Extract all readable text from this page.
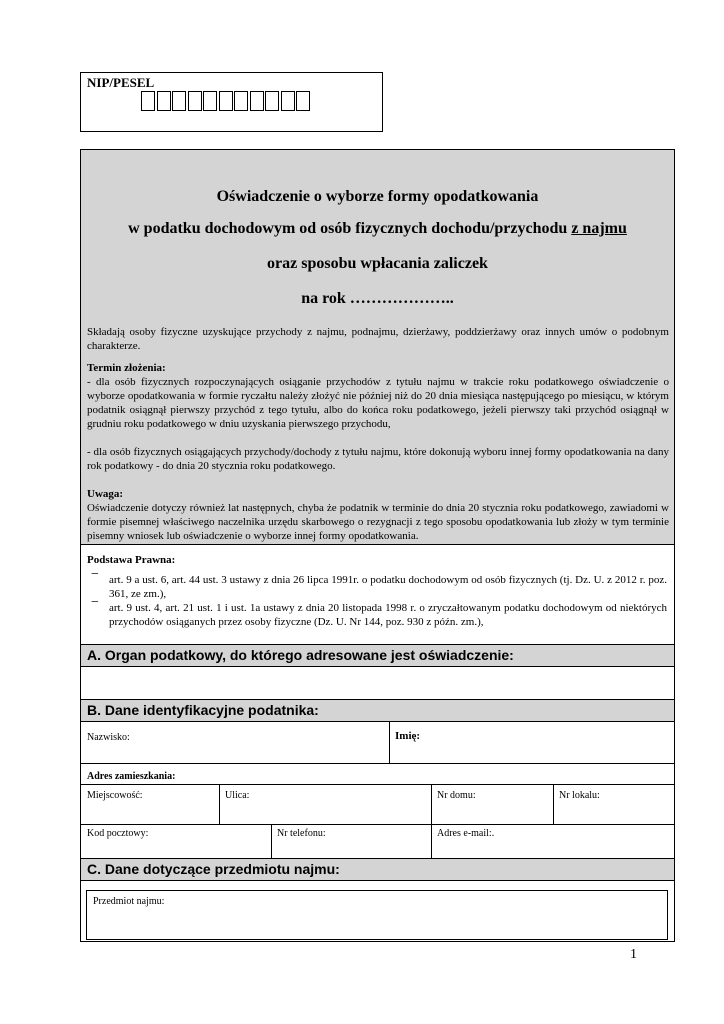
NIP/PESEL
Oświadczenie o wyborze formy opodatkowania
w podatku dochodowym od osób fizycznych dochodu/przychodu z najmu
oraz sposobu wpłacania zaliczek
na rok ………………..
Składają osoby fizyczne uzyskujące przychody z najmu, podnajmu, dzierżawy, poddzierżawy oraz innych umów o podobnym charakterze.
Termin złożenia:
- dla osób fizycznych rozpoczynających osiąganie przychodów z tytułu najmu w trakcie roku podatkowego oświadczenie o wyborze opodatkowania w formie ryczałtu należy złożyć nie później niż do 20 dnia miesiąca następującego po miesiącu, w którym podatnik osiągnął pierwszy przychód z tego tytułu, albo do końca roku podatkowego, jeżeli pierwszy taki przychód osiągnął w grudniu roku podatkowego w dniu uzyskania pierwszego przychodu,
- dla osób fizycznych osiągających przychody/dochody z tytułu najmu, które dokonują wyboru innej formy opodatkowania na dany rok podatkowy - do dnia 20 stycznia roku podatkowego.
Uwaga:
Oświadczenie dotyczy również lat następnych, chyba że podatnik w terminie do dnia 20 stycznia roku podatkowego, zawiadomi w formie pisemnej właściwego naczelnika urzędu skarbowego o rezygnacji z tego sposobu opodatkowania lub złoży w tym terminie pisemny wniosek lub oświadczenie o wyborze innej formy opodatkowania.
Podstawa Prawna:
− art. 9 a ust. 6, art. 44 ust. 3 ustawy z dnia 26 lipca 1991r. o podatku dochodowym od osób fizycznych (tj. Dz. U. z 2012 r. poz. 361, ze zm.),
− art. 9 ust. 4, art. 21 ust. 1 i ust. 1a ustawy z dnia 20 listopada 1998 r. o zryczałtowanym podatku dochodowym od niektórych przychodów osiąganych przez osoby fizyczne (Dz. U. Nr 144, poz. 930 z późn. zm.),
A. Organ podatkowy, do którego adresowane jest oświadczenie:
B. Dane identyfikacyjne podatnika:
Nazwisko:	Imię:
Adres zamieszkania:
Miejscowość:	Ulica:	Nr domu:	Nr lokalu:
Kod pocztowy:	Nr telefonu:	Adres e-mail:.
C. Dane dotyczące przedmiotu najmu:
Przedmiot najmu:
1
